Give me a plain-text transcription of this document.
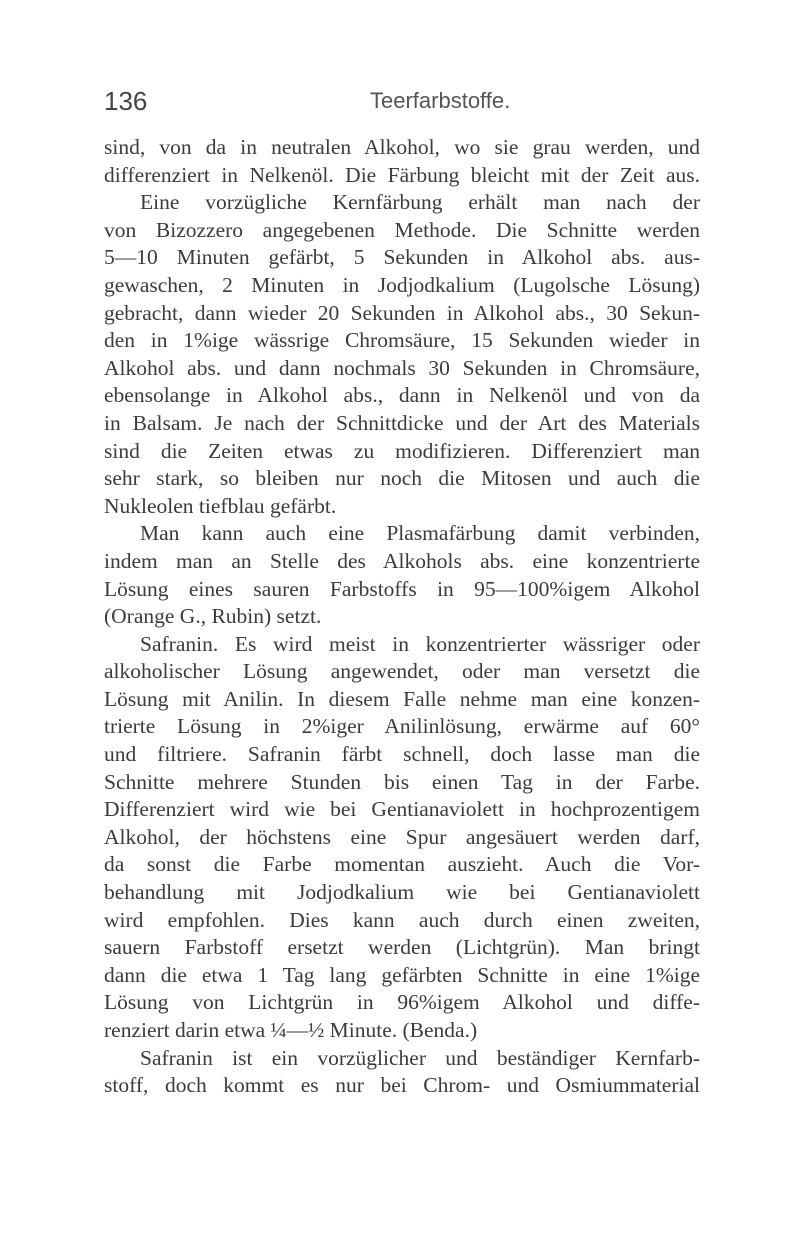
136	Teerfarbstoffe.
sind, von da in neutralen Alkohol, wo sie grau werden, und
differenziert in Nelkenöl. Die Färbung bleicht mit der Zeit aus.
Eine vorzügliche Kernfärbung erhält man nach der
von Bizozzero angegebenen Methode. Die Schnitte werden
5—10 Minuten gefärbt, 5 Sekunden in Alkohol abs. aus-
gewaschen, 2 Minuten in Jodjodkalium (Lugolsche Lösung)
gebracht, dann wieder 20 Sekunden in Alkohol abs., 30 Sekun-
den in 1%ige wässrige Chromsäure, 15 Sekunden wieder in
Alkohol abs. und dann nochmals 30 Sekunden in Chromsäure,
ebensolange in Alkohol abs., dann in Nelkenöl und von da
in Balsam. Je nach der Schnittdicke und der Art des Materials
sind die Zeiten etwas zu modifizieren. Differenziert man
sehr stark, so bleiben nur noch die Mitosen und auch die
Nukleolen tiefblau gefärbt.
Man kann auch eine Plasmafärbung damit verbinden,
indem man an Stelle des Alkohols abs. eine konzentrierte
Lösung eines sauren Farbstoffs in 95—100%igem Alkohol
(Orange G., Rubin) setzt.
Safranin. Es wird meist in konzentrierter wässriger oder
alkoholischer Lösung angewendet, oder man versetzt die
Lösung mit Anilin. In diesem Falle nehme man eine konzen-
trierte Lösung in 2%iger Anilinlösung, erwärme auf 60°
und filtriere. Safranin färbt schnell, doch lasse man die
Schnitte mehrere Stunden bis einen Tag in der Farbe.
Differenziert wird wie bei Gentianaviolett in hochprozentigem
Alkohol, der höchstens eine Spur angesäuert werden darf,
da sonst die Farbe momentan auszieht. Auch die Vor-
behandlung mit Jodjodkalium wie bei Gentianaviolett
wird empfohlen. Dies kann auch durch einen zweiten,
sauern Farbstoff ersetzt werden (Lichtgrün). Man bringt
dann die etwa 1 Tag lang gefärbten Schnitte in eine 1%ige
Lösung von Lichtgrün in 96%igem Alkohol und diffe-
renziert darin etwa ¼—½ Minute. (Benda.)
Safranin ist ein vorzüglicher und beständiger Kernfarb-
stoff, doch kommt es nur bei Chrom- und Osmiummaterial
